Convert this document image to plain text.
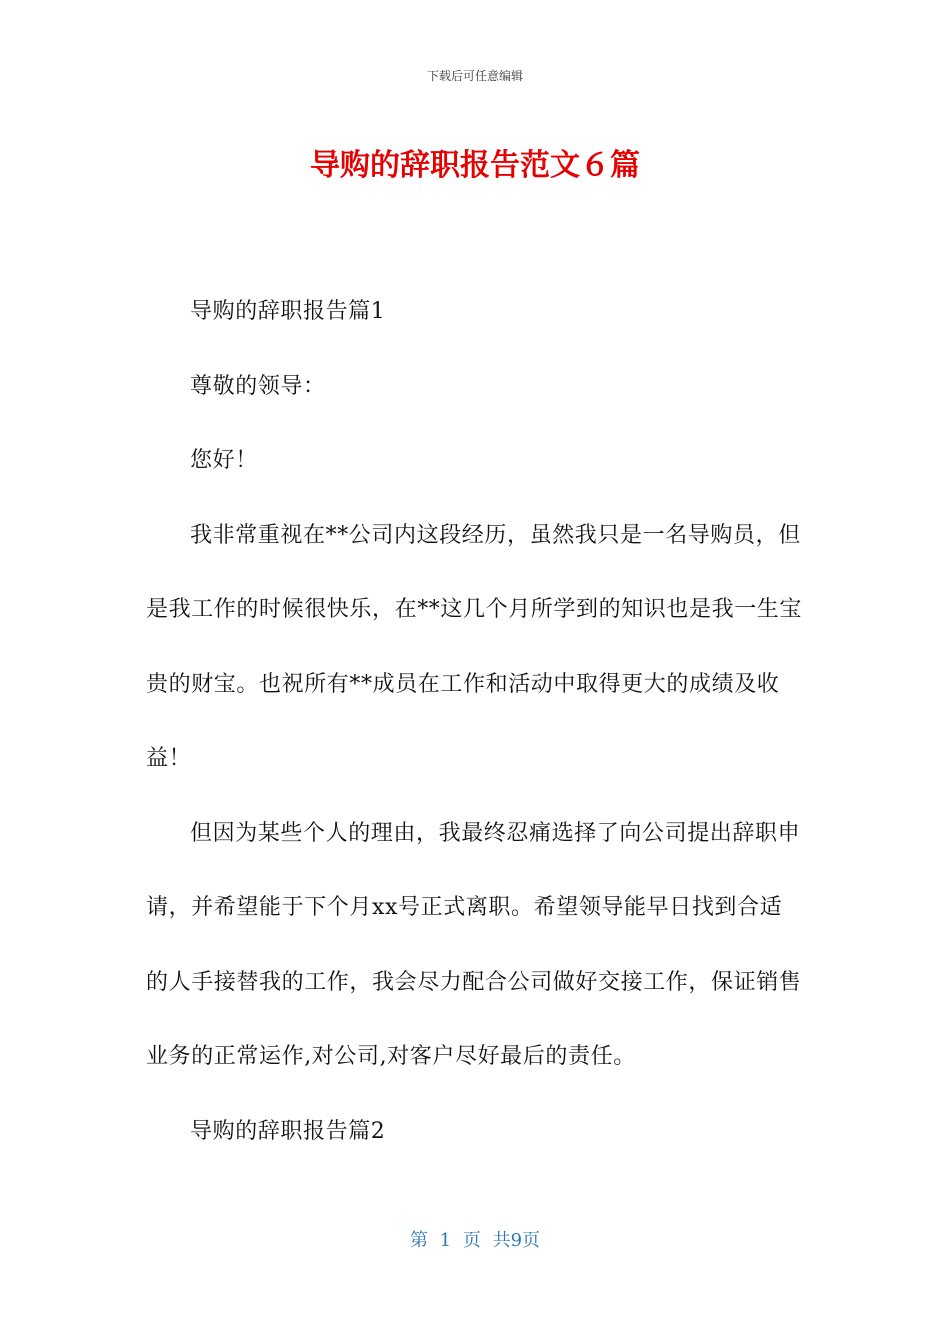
下载后可任意编辑
导购的辞职报告范文６篇

导购的辞职报告篇1

尊敬的领导：

您好！

我非常重视在**公司内这段经历，虽然我只是一名导购员，但是我工作的时候很快乐，在**这几个月所学到的知识也是我一生宝贵的财宝。也祝所有**成员在工作和活动中取得更大的成绩及收益！

但因为某些个人的理由，我最终忍痛选择了向公司提出辞职申请，并希望能于下个月xx号正式离职。希望领导能早日找到合适的人手接替我的工作，我会尽力配合公司做好交接工作，保证销售业务的正常运作,对公司,对客户尽好最后的责任。

导购的辞职报告篇2

第 1 页 共9页
